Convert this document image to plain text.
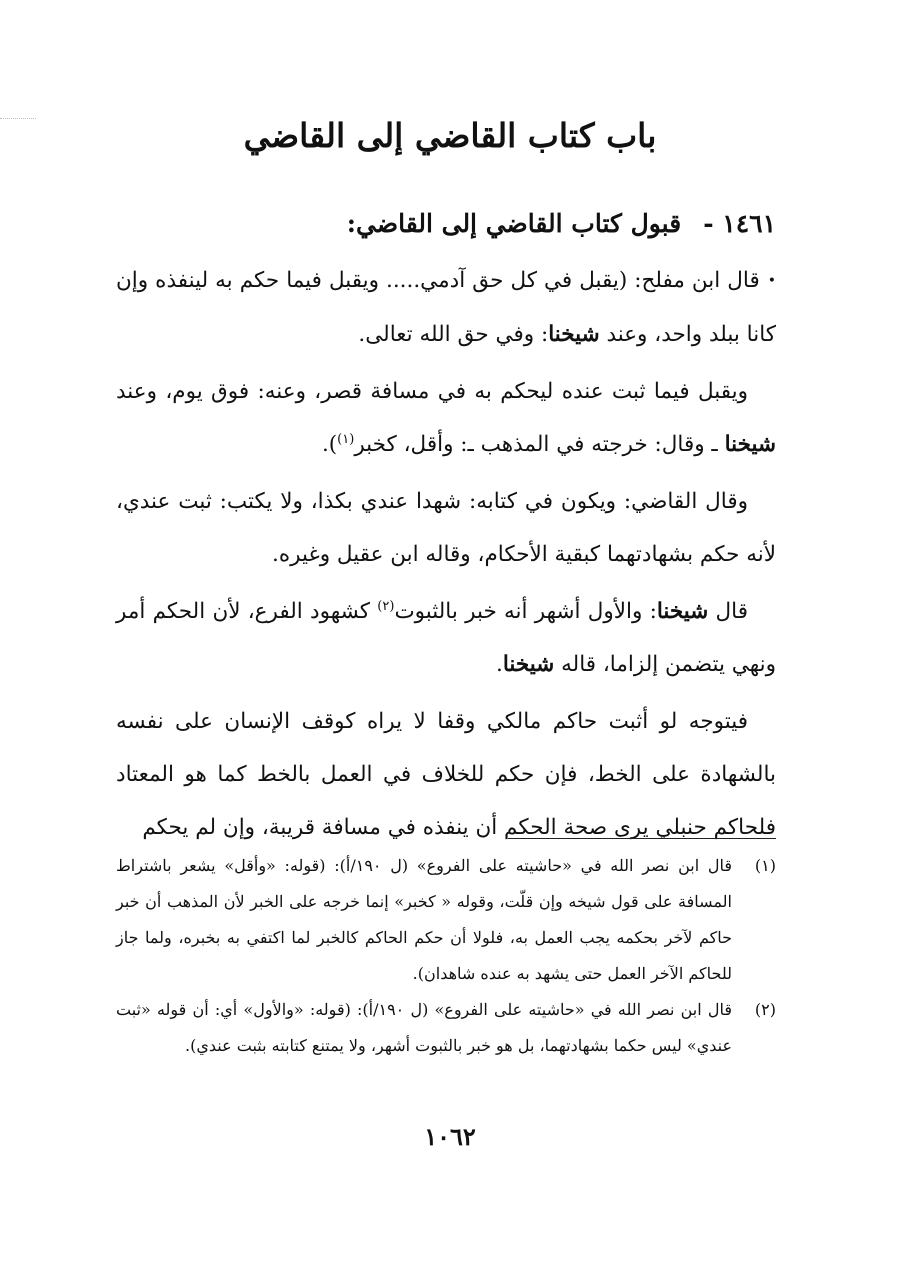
باب كتاب القاضي إلى القاضي

١٤٦١ -قبول كتاب القاضي إلى القاضي:

•قال ابن مفلح: (يقبل في كل حق آدمي..... ويقبل فيما حكم به لينفذه وإن كانا ببلد واحد، وعند شيخنا: وفي حق الله تعالى.

ويقبل فيما ثبت عنده ليحكم به في مسافة قصر، وعنه: فوق يوم، وعند شيخنا ـ وقال: خرجته في المذهب ـ: وأقل، كخبر$^{(١)}$).

وقال القاضي: ويكون في كتابه: شهدا عندي بكذا، ولا يكتب: ثبت عندي، لأنه حكم بشهادتهما كبقية الأحكام، وقاله ابن عقيل وغيره.

قال شيخنا: والأول أشهر أنه خبر بالثبوت$^{(٢)}$ كشهود الفرع، لأن الحكم أمر ونهي يتضمن إلزاما، قاله شيخنا.

فيتوجه لو أثبت حاكم مالكي وقفا لا يراه كوقف الإنسان على نفسه بالشهادة على الخط، فإن حكم للخلاف في العمل بالخط كما هو المعتاد فلحاكم حنبلي يرى صحة الحكم أن ينفذه في مسافة قريبة، وإن لم يحكم

(١)
قال ابن نصر الله في «حاشيته على الفروع» (ل ١٩٠/أ): (قوله: «وأقل» يشعر باشتراط المسافة على قول شيخه وإن قلّت، وقوله « كخبر» إنما خرجه على الخبر لأن المذهب أن خبر حاكم لآخر بحكمه يجب العمل به، فلولا أن حكم الحاكم كالخبر لما اكتفي به بخبره، ولما جاز للحاكم الآخر العمل حتى يشهد به عنده شاهدان).

(٢)
قال ابن نصر الله في «حاشيته على الفروع» (ل ١٩٠/أ): (قوله: «والأول» أي: أن قوله «ثبت عندي» ليس حكما بشهادتهما، بل هو خبر بالثبوت أشهر، ولا يمتنع كتابته بثبت عندي).

١٠٦٢
